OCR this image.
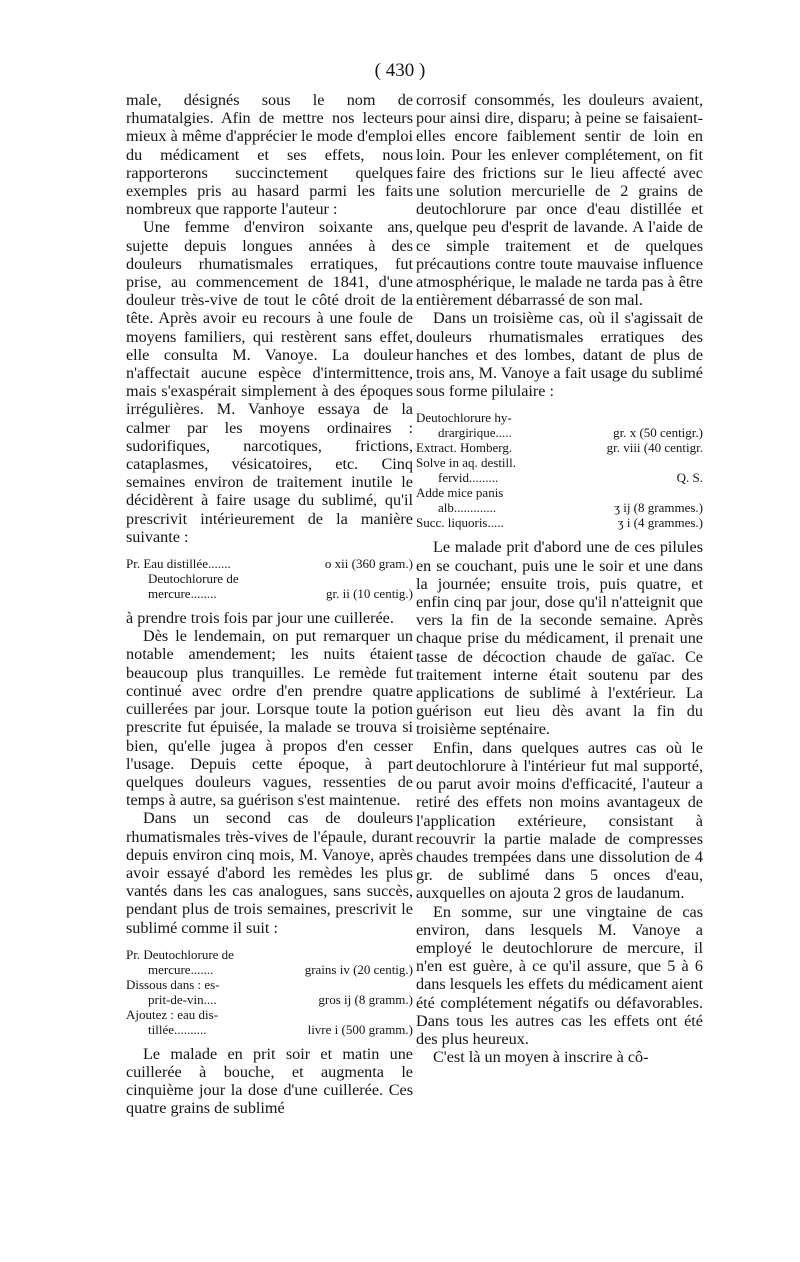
( 430 )

male, désignés sous le nom de rhumatalgies. Afin de mettre nos lecteurs mieux à même d'apprécier le mode d'emploi du médicament et ses effets, nous rapporterons succinctement quelques exemples pris au hasard parmi les faits nombreux que rapporte l'auteur :

Une femme d'environ soixante ans, sujette depuis longues années à des douleurs rhumatismales erratiques, fut prise, au commencement de 1841, d'une douleur très-vive de tout le côté droit de la tête. Après avoir eu recours à une foule de moyens familiers, qui restèrent sans effet, elle consulta M. Vanoye. La douleur n'affectait aucune espèce d'intermittence, mais s'exaspérait simplement à des époques irrégulières. M. Vanhoye essaya de la calmer par les moyens ordinaires : sudorifiques, narcotiques, frictions, cataplasmes, vésicatoires, etc. Cinq semaines environ de traitement inutile le décidèrent à faire usage du sublimé, qu'il prescrivit intérieurement de la manière suivante :

Pr. Eau distillée.......	o xii (360 gram.)
Deutochlorure de
mercure........	gr. ii (10 centig.)

à prendre trois fois par jour une cuillerée.

Dès le lendemain, on put remarquer un notable amendement; les nuits étaient beaucoup plus tranquilles. Le remède fut continué avec ordre d'en prendre quatre cuillerées par jour. Lorsque toute la potion prescrite fut épuisée, la malade se trouva si bien, qu'elle jugea à propos d'en cesser l'usage. Depuis cette époque, à part quelques douleurs vagues, ressenties de temps à autre, sa guérison s'est maintenue.

Dans un second cas de douleurs rhumatismales très-vives de l'épaule, durant depuis environ cinq mois, M. Vanoye, après avoir essayé d'abord les remèdes les plus vantés dans les cas analogues, sans succès, pendant plus de trois semaines, prescrivit le sublimé comme il suit :

Pr. Deutochlorure de
mercure.......	grains iv (20 centig.)
Dissous dans : es-
prit-de-vin....	gros ij (8 gramm.)
Ajoutez : eau dis-
tillée..........	livre i (500 gramm.)

Le malade en prit soir et matin une cuillerée à bouche, et augmenta le cinquième jour la dose d'une cuillerée. Ces quatre grains de sublimé

corrosif consommés, les douleurs avaient, pour ainsi dire, disparu; à peine se faisaient-elles encore faiblement sentir de loin en loin. Pour les enlever complétement, on fit faire des frictions sur le lieu affecté avec une solution mercurielle de 2 grains de deutochlorure par once d'eau distillée et quelque peu d'esprit de lavande. A l'aide de ce simple traitement et de quelques précautions contre toute mauvaise influence atmosphérique, le malade ne tarda pas à être entièrement débarrassé de son mal.

Dans un troisième cas, où il s'agissait de douleurs rhumatismales erratiques des hanches et des lombes, datant de plus de trois ans, M. Vanoye a fait usage du sublimé sous forme pilulaire :

Deutochlorure hy-
drargirique.....	gr. x (50 centigr.)
Extract. Homberg.	gr. viii (40 centigr.
Solve in aq. destill.
fervid.........	Q. S.
Adde mice panis
alb.............	ʒ ij (8 grammes.)
Succ. liquoris.....	ʒ i (4 grammes.)

Le malade prit d'abord une de ces pilules en se couchant, puis une le soir et une dans la journée; ensuite trois, puis quatre, et enfin cinq par jour, dose qu'il n'atteignit que vers la fin de la seconde semaine. Après chaque prise du médicament, il prenait une tasse de décoction chaude de gaïac. Ce traitement interne était soutenu par des applications de sublimé à l'extérieur. La guérison eut lieu dès avant la fin du troisième septénaire.

Enfin, dans quelques autres cas où le deutochlorure à l'intérieur fut mal supporté, ou parut avoir moins d'efficacité, l'auteur a retiré des effets non moins avantageux de l'application extérieure, consistant à recouvrir la partie malade de compresses chaudes trempées dans une dissolution de 4 gr. de sublimé dans 5 onces d'eau, auxquelles on ajouta 2 gros de laudanum.

En somme, sur une vingtaine de cas environ, dans lesquels M. Vanoye a employé le deutochlorure de mercure, il n'en est guère, à ce qu'il assure, que 5 à 6 dans lesquels les effets du médicament aient été complétement négatifs ou défavorables. Dans tous les autres cas les effets ont été des plus heureux.

C'est là un moyen à inscrire à cô-
